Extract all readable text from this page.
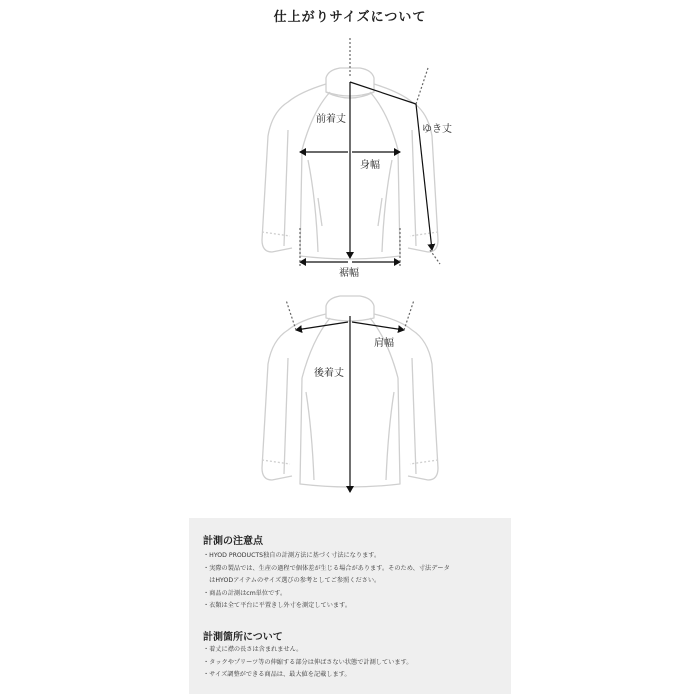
仕上がりサイズについて
前着丈
身幅
ゆき丈
裾幅
肩幅
後着丈
計測の注意点
・HYOD PRODUCTS独自の計測方法に基づく寸法になります。
・実際の製品では、生産の過程で個体差が生じる場合があります。そのため、寸法データ
　はHYODアイテムのサイズ選びの参考としてご参照ください。
・商品の計測はcm単位です。
・衣類は全て平台に平置きし外寸を測定しています。
計測箇所について
・着丈に襟の長さは含まれません。
・タックやプリーツ等の伸縮する部分は伸ばさない状態で計測しています。
・サイズ調整ができる商品は、最大値を記載します。
